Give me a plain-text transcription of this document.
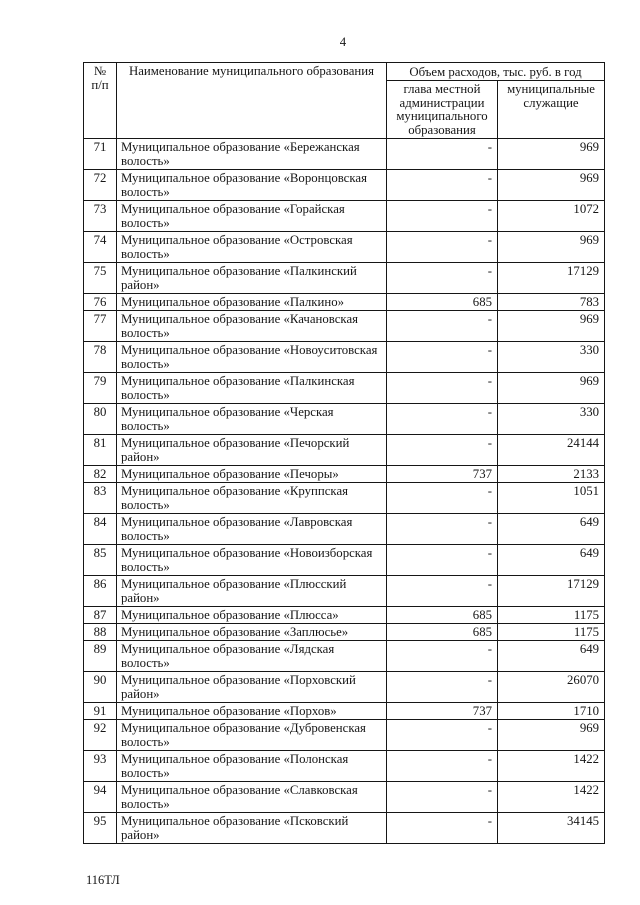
4
№
п/п	Наименование муниципального образования	Объем расходов, тыс. руб. в год	
		глава местной администрации муниципального образования	муниципальные служащие
71	Муниципальное образование «Бережанская волость»	-	969
72	Муниципальное образование «Воронцовская волость»	-	969
73	Муниципальное образование «Горайская волость»	-	1072
74	Муниципальное образование «Островская волость»	-	969
75	Муниципальное образование «Палкинский район»	-	17129
76	Муниципальное образование «Палкино»	685	783
77	Муниципальное образование «Качановская волость»	-	969
78	Муниципальное образование «Новоуситовская волость»	-	330
79	Муниципальное образование «Палкинская волость»	-	969
80	Муниципальное образование «Черская волость»	-	330
81	Муниципальное образование «Печорский район»	-	24144
82	Муниципальное образование «Печоры»	737	2133
83	Муниципальное образование «Круппская волость»	-	1051
84	Муниципальное образование «Лавровская волость»	-	649
85	Муниципальное образование «Новоизборская волость»	-	649
86	Муниципальное образование «Плюсский район»	-	17129
87	Муниципальное образование «Плюсса»	685	1175
88	Муниципальное образование «Заплюсье»	685	1175
89	Муниципальное образование «Лядская волость»	-	649
90	Муниципальное образование «Порховский район»	-	26070
91	Муниципальное образование «Порхов»	737	1710
92	Муниципальное образование «Дубровенская волость»	-	969
93	Муниципальное образование «Полонская волость»	-	1422
94	Муниципальное образование «Славковская волость»	-	1422
95	Муниципальное образование «Псковский район»	-	34145
116ТЛ
